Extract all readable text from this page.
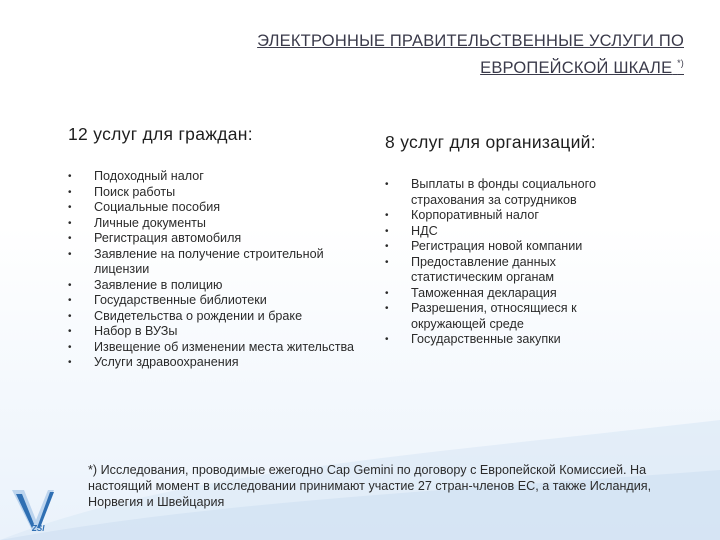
ЭЛЕКТРОННЫЕ ПРАВИТЕЛЬСТВЕННЫЕ УСЛУГИ ПО
ЕВРОПЕЙСКОЙ ШКАЛЕ *)
12 услуг для граждан:	8 услуг для организаций:
• Подоходный налог
• Поиск работы
• Социальные пособия
• Личные документы
• Регистрация автомобиля
• Заявление на получение строительной лицензии
• Заявление в полицию
• Государственные библиотеки
• Свидетельства о рождении и браке
• Набор в ВУЗы
• Извещение об изменении места жительства
• Услуги здравоохранения
• Выплаты в фонды социального страхования за сотрудников
• Корпоративный налог
• НДС
• Регистрация новой компании
• Предоставление данных статистическим органам
• Таможенная декларация
• Разрешения, относящиеся к окружающей среде
• Государственные закупки
*) Исследования, проводимые ежегодно Cap Gemini по договору с Европейской Комиссией. На настоящий момент в исследовании принимают участие 27 стран-членов ЕС, а также Исландия, Норвегия и Швейцария
ZSI
